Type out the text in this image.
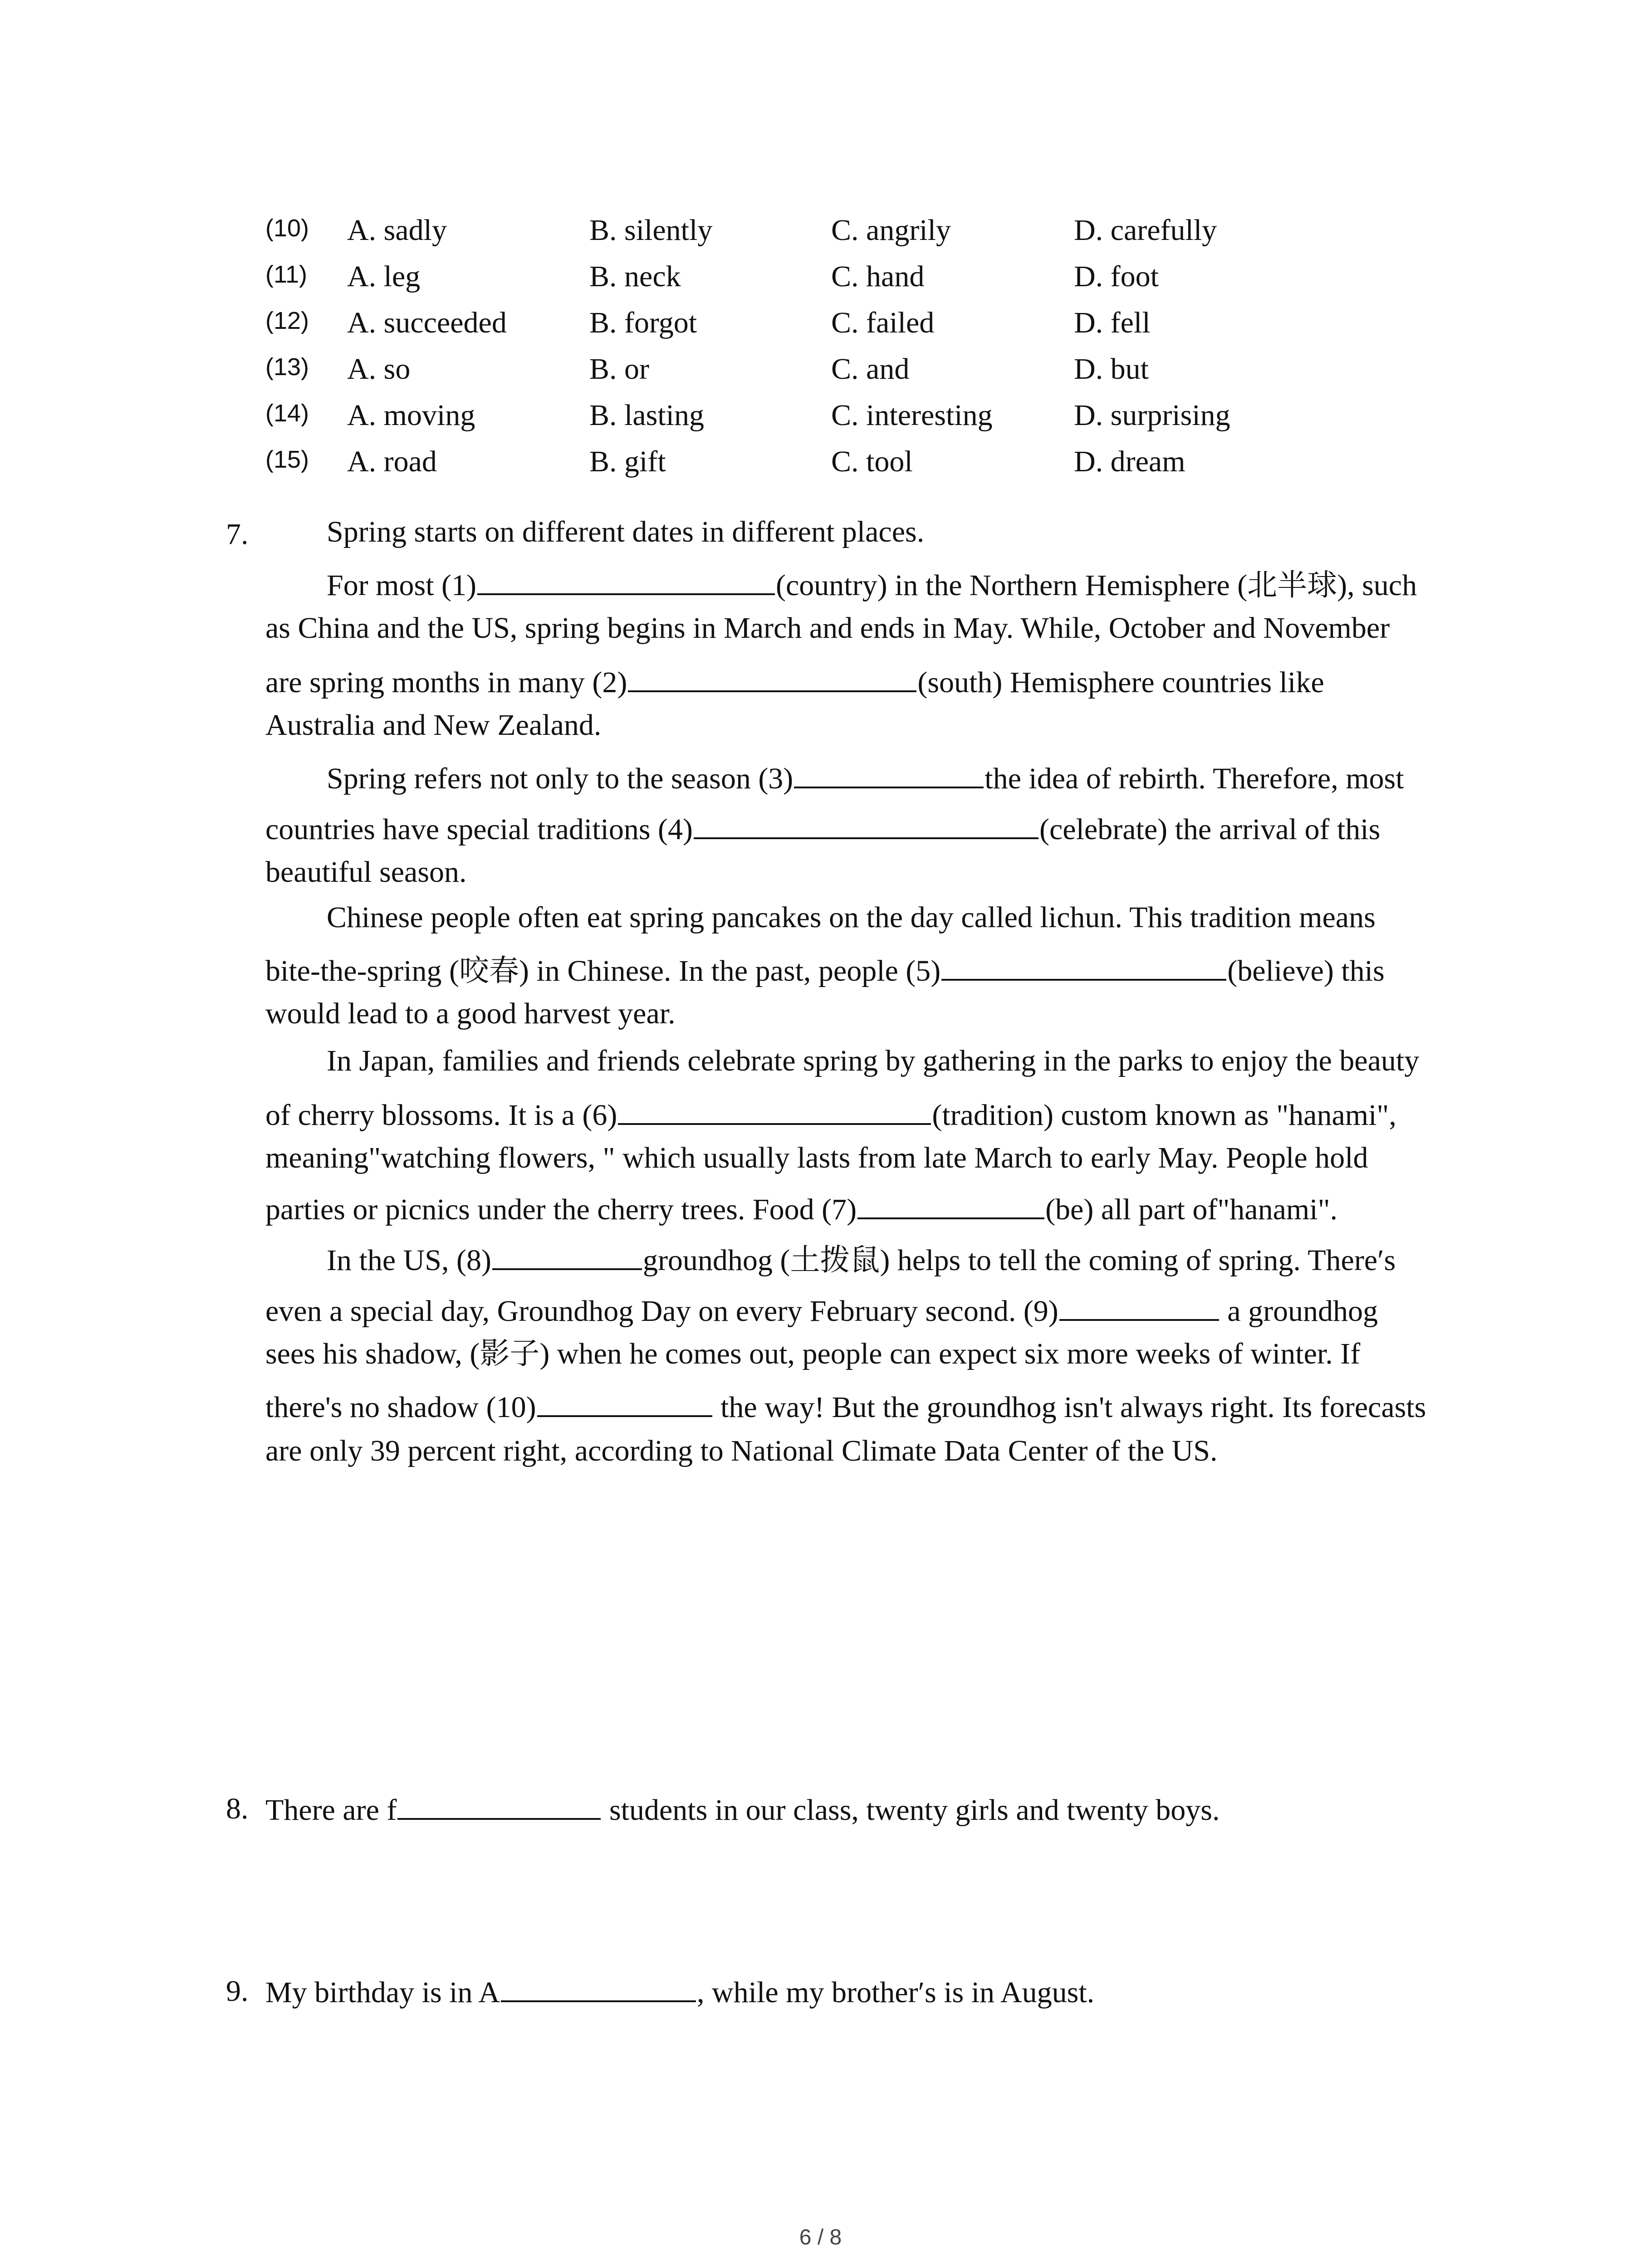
(10) A. sadly	B. silently	C. angrily	D. carefully
(11) A. leg	B. neck	C. hand	D. foot
(12) A. succeeded	B. forgot	C. failed	D. fell
(13) A. so	B. or	C. and	D. but
(14) A. moving	B. lasting	C. interesting	D. surprising
(15) A. road	B. gift	C. tool	D. dream
7.	Spring starts on different dates in different places.
For most (1)	(country) in the Northern Hemisphere (北半球), such
as China and the US, spring begins in March and ends in May. While, October and November
are spring months in many (2)	(south) Hemisphere countries like
Australia and New Zealand.
Spring refers not only to the season (3)	the idea of rebirth. Therefore, most
countries have special traditions (4)	(celebrate) the arrival of this
beautiful season.
Chinese people often eat spring pancakes on the day called lichun. This tradition means
bite-the-spring (咬春) in Chinese. In the past, people (5)	(believe) this
would lead to a good harvest year.
In Japan, families and friends celebrate spring by gathering in the parks to enjoy the beauty
of cherry blossoms. It is a (6)	(tradition) custom known as "hanami",
meaning"watching flowers, " which usually lasts from late March to early May. People hold
parties or picnics under the cherry trees. Food (7)	(be) all part of"hanami".
In the US, (8)	groundhog (土拨鼠) helps to tell the coming of spring. There′s
even a special day, Groundhog Day on every February second. (9)	a groundhog
sees his shadow, (影子) when he comes out, people can expect six more weeks of winter. If
there's no shadow (10)	the way! But the groundhog isn't always right. Its forecasts
are only 39 percent right, according to National Climate Data Center of the US.
8. There are f	students in our class, twenty girls and twenty boys.
9. My birthday is in A	, while my brother′s is in August.
6 / 8
